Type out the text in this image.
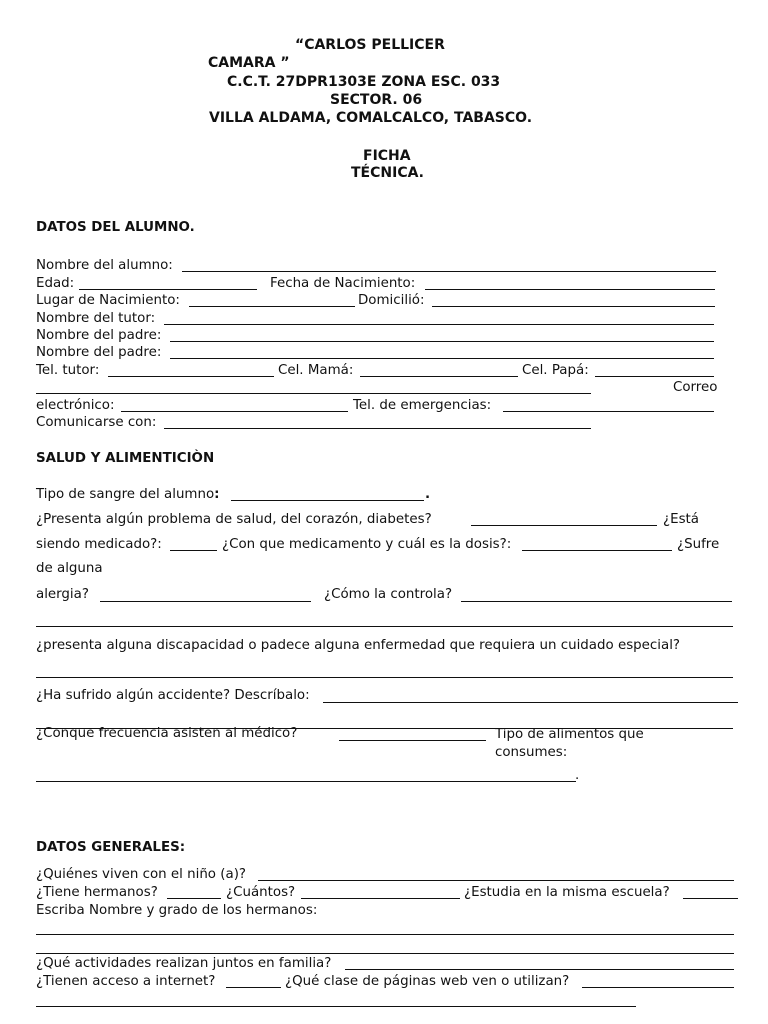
“CARLOS PELLICER
CAMARA ”
C.C.T. 27DPR1303E ZONA ESC. 033
SECTOR. 06
VILLA ALDAMA, COMALCALCO, TABASCO.
FICHA
TÉCNICA.
DATOS DEL ALUMNO.
Nombre del alumno:
Edad:	Fecha de Nacimiento:
Lugar de Nacimiento:	Domicilió:
Nombre del tutor:
Nombre del padre:
Nombre del padre:
Tel. tutor:	Cel. Mamá:	Cel. Papá:
Correo
electrónico:	Tel. de emergencias:
Comunicarse con:
SALUD Y ALIMENTICIÒN
Tipo de sangre del alumno:	.
¿Presenta algún problema de salud, del corazón, diabetes?	¿Está
siendo medicado?:	¿Con que medicamento y cuál es la dosis?:	¿Sufre
de alguna
alergia?	¿Cómo la controla?
¿presenta alguna discapacidad o padece alguna enfermedad que requiera un cuidado especial?
¿Ha sufrido algún accidente? Descríbalo:
¿Conque frecuencia asisten al médico?	Tipo de alimentos que
consumes:
.
DATOS GENERALES:
¿Quiénes viven con el niño (a)?
¿Tiene hermanos?	¿Cuántos?	¿Estudia en la misma escuela?
Escriba Nombre y grado de los hermanos:
¿Qué actividades realizan juntos en familia?
¿Tienen acceso a internet?	¿Qué clase de páginas web ven o utilizan?
